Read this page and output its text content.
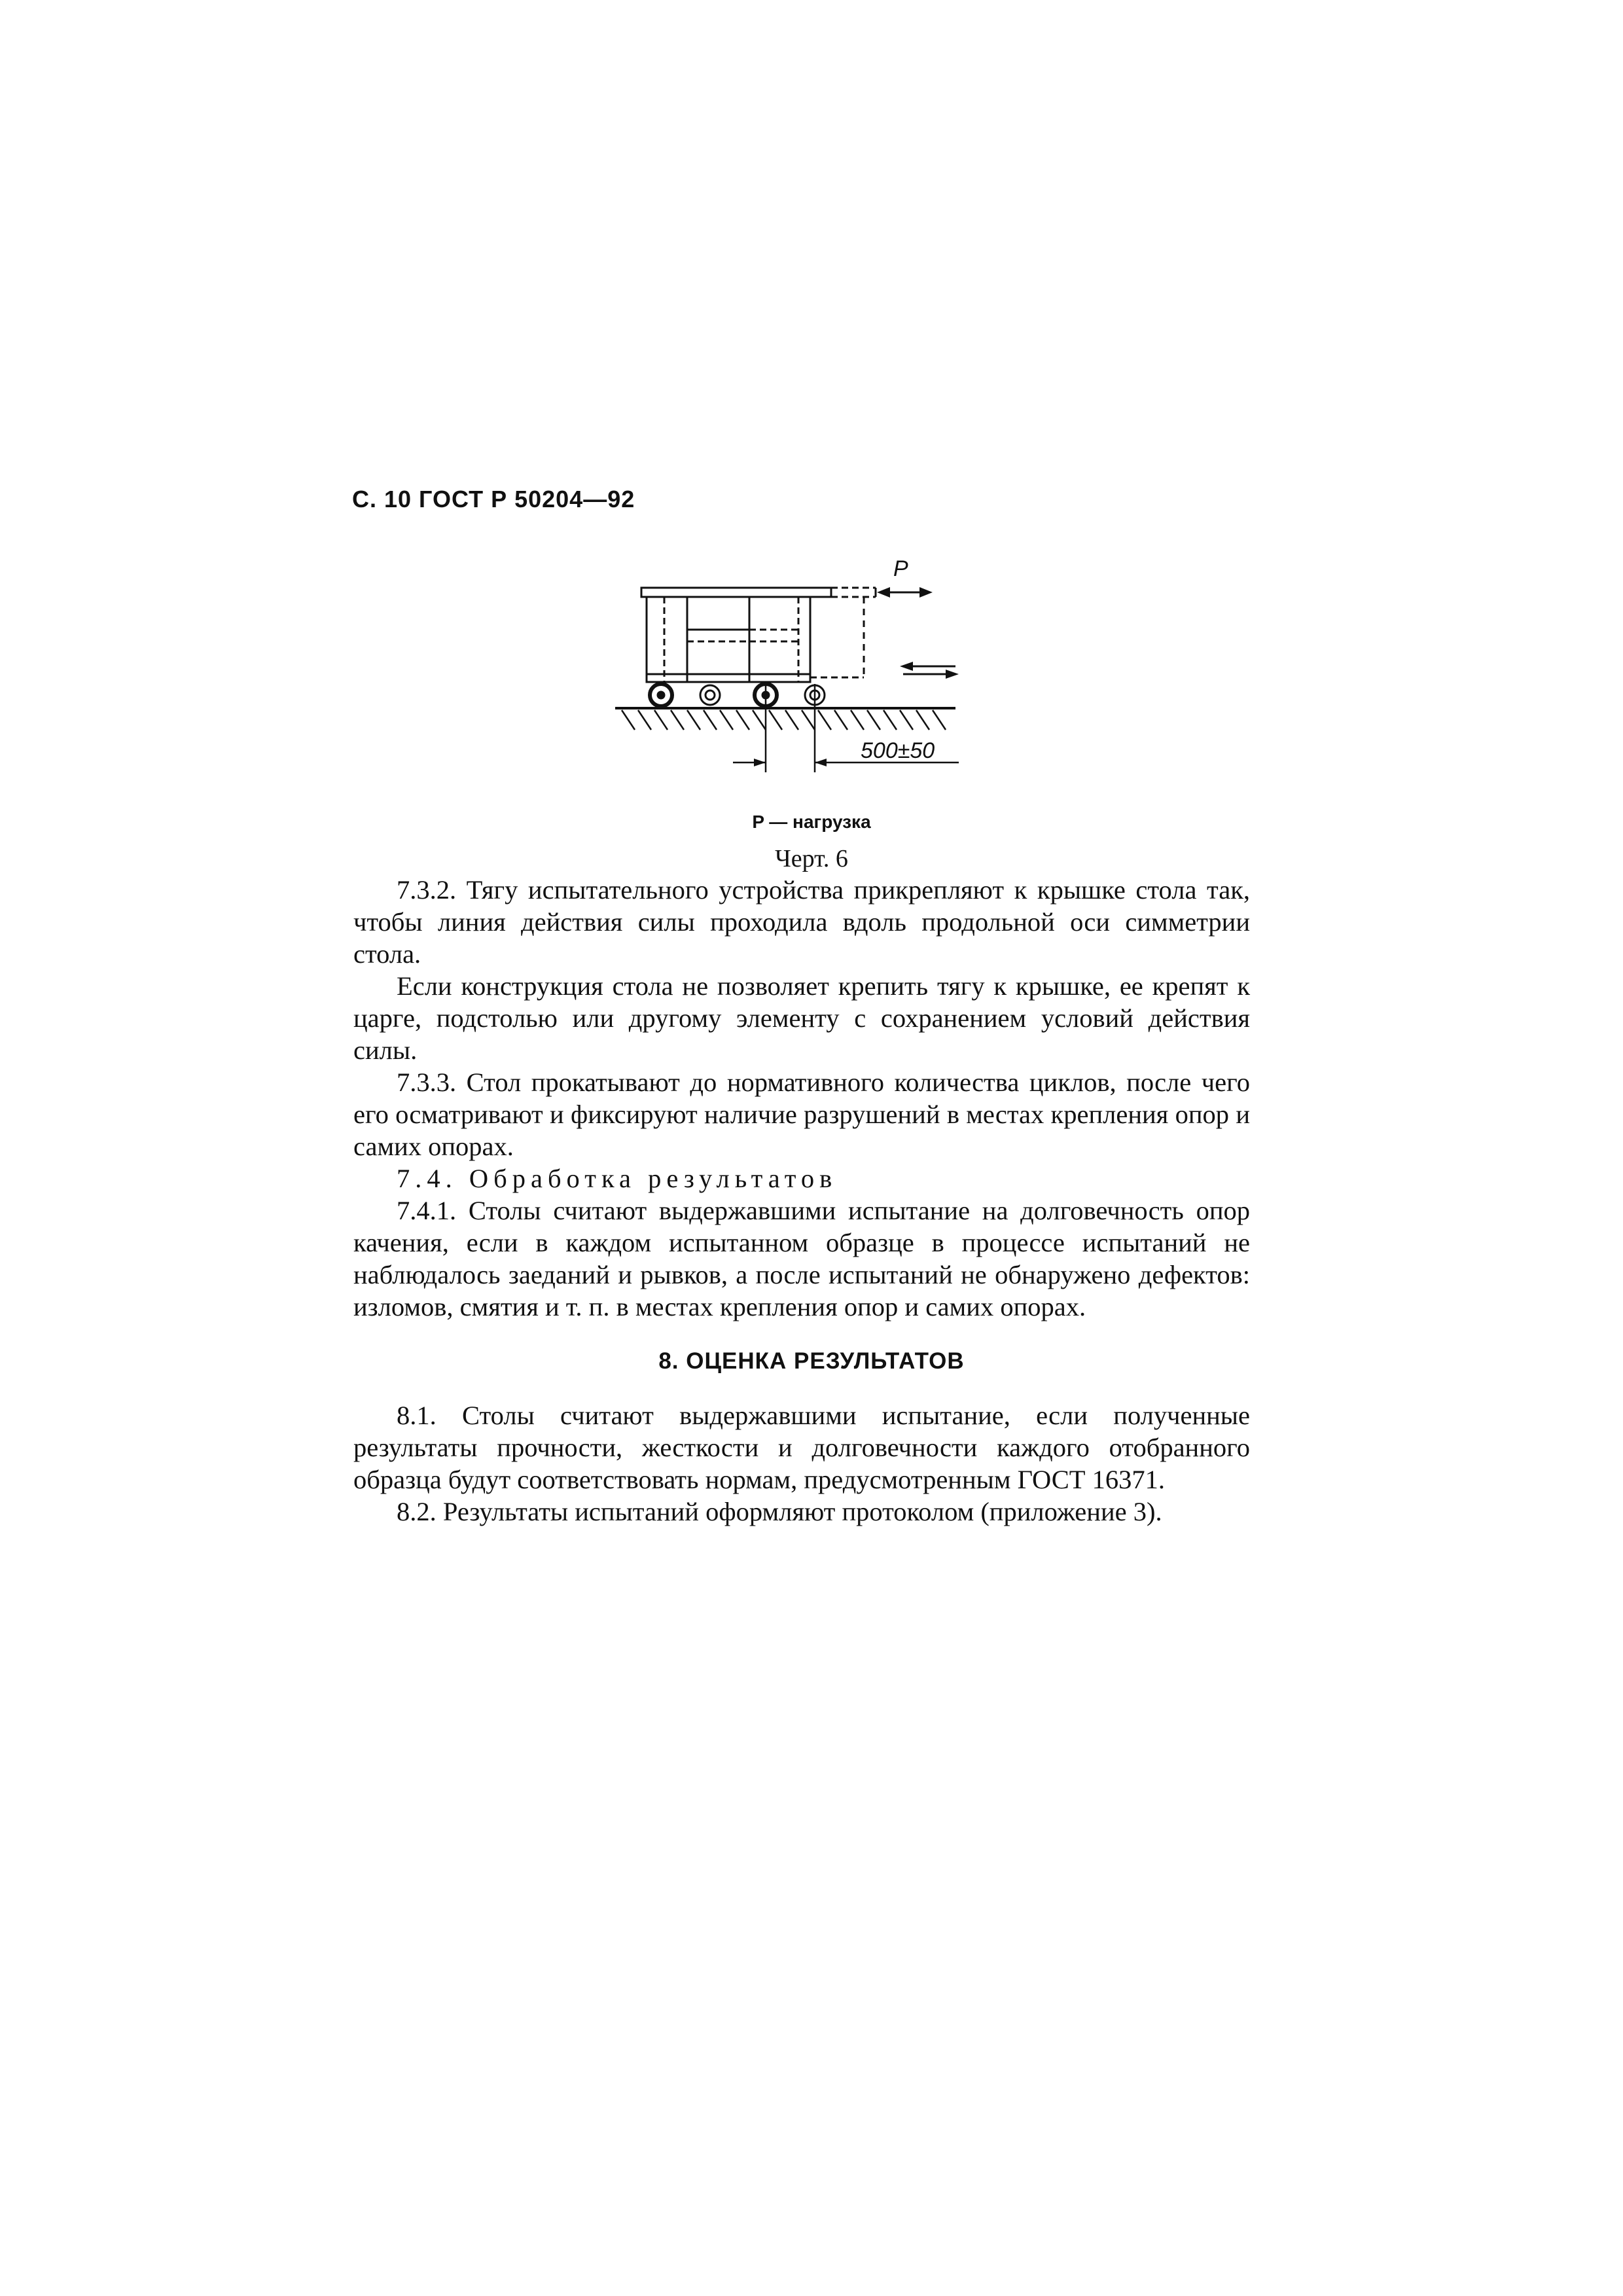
С. 10 ГОСТ Р 50204—92
P
500±50
P — нагрузка
Черт. 6

7.3.2. Тягу испытательного устройства прикрепляют к крышке стола так, чтобы линия действия силы проходила вдоль продольной оси симметрии стола.

Если конструкция стола не позволяет крепить тягу к крышке, ее крепят к царге, подстолью или другому элементу с сохранением условий действия силы.

7.3.3. Стол прокатывают до нормативного количества циклов, после чего его осматривают и фиксируют наличие разрушений в местах крепления опор и самих опорах.

7.4. Обработка результатов

7.4.1. Столы считают выдержавшими испытание на долговечность опор качения, если в каждом испытанном образце в процессе испытаний не наблюдалось заеданий и рывков, а после испытаний не обнаружено дефектов: изломов, смятия и т. п. в местах крепления опор и самих опорах.

8. ОЦЕНКА РЕЗУЛЬТАТОВ

8.1. Столы считают выдержавшими испытание, если полученные результаты прочности, жесткости и долговечности каждого отобранного образца будут соответствовать нормам, предусмотренным ГОСТ 16371.

8.2. Результаты испытаний оформляют протоколом (приложение 3).
